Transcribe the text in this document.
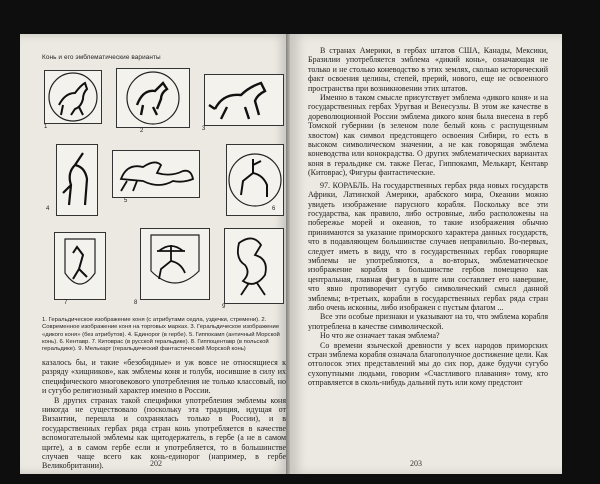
Конь и его эмблематические варианты
1
2	3
4
5
6
7	8
9
1. Геральдическое изображение коня (с атрибутами седла, уздечки, стремени). 2. Современное изображение коня на торговых марках. 3. Геральдическое изображение «дикого коня» (без атрибутов). 4. Единорог (в гербе). 5. Гиппокамп (античный Морской конь). 6. Кентавр. 7. Китоврас (в русской геральдике). 8. Гиппоцентавр (в польской геральдике). 9. Мелькарт (геральдический фантастический Морской конь)

казалось бы, и такие «безобидные» и уж вовсе не относящиеся к разряду «хищников», как эмблемы коня и голубя, носившие в силу их специфического многовекового употребления не только классовый, но и сугубо религиозный характер именно в России.

В других странах такой специфики употребления эмблемы коня никогда не существовало (поскольку эта традиция, идущая от Византии, перешла и сохранялась только в России), и в государственных гербах ряда стран конь употребляется в качестве вспомогательной эмблемы как щитодержатель, в гербе (а не в самом щите), а в самом гербе если и употребляется, то в большинстве случаев чаще всего как конь-единорог (например, в гербе Великобритании).	202

В странах Америки, в гербах штатов США, Канады, Мексики, Бразилии употребляется эмблема «дикий конь», означающая не только и не столько коневодство в этих землях, сколько исторический факт освоения целины, степей, прерий, нового, еще не освоенного пространства при возникновении этих штатов.

Именно в таком смысле присутствует эмблема «дикого коня» и на государственных гербах Уругвая и Венесуэлы. В этом же качестве в дореволюционной России эмблема дикого коня была внесена в герб Томской губернии (в зеленом поле белый конь с распущенным хвостом) как символ предстоящего освоения Сибири, го есть в высоком символическом значении, а не как говорящая эмблема коневодства или конокрадства. О других эмблематических вариантах коня в геральдике см. также Пегас, Гиппокамп, Мелькарт, Кентавр (Китоврас), Фигуры фантастические.

97. КОРАБЛЬ. На государственных гербах ряда новых государств Африки, Латинской Америки, арабского мира, Океании можно увидеть изображение парусного корабля. Поскольку все эти государства, как правило, либо островные, либо расположены на побережье морей и океанов, то такие изображения обычно принимаются за указание приморского характера данных государств, что в подавляющем большинстве случаев неправильно. Во-первых, следует иметь в виду, что в государственных гербах говорящие эмблемы не употребляются, а во-вторых, эмблематическое изображение корабля в большинстве гербов помещено как центральная, главная фигура в щите или составляет его навершие, что явно противоречит сугубо символический смысл данной эмблемы; в-третьих, корабли в государственных гербах ряда стран либо очень исконны, либо изображен с пустым флагом ...

Все эти особые признаки и указывают на то, что эмблема корабля употреблена в качестве символической.

Но что же означает такая эмблема?

Со времени языческой древности у всех народов приморских стран эмблема корабля означала благополучное достижение цели. Как отголосок этих представлений мы до сих пор, даже будучи сугубо сухопутными людьми, говорим «Счастливого плавания» тому, кто отправляется в сколь-нибудь дальний путь или кому предстоит

203
